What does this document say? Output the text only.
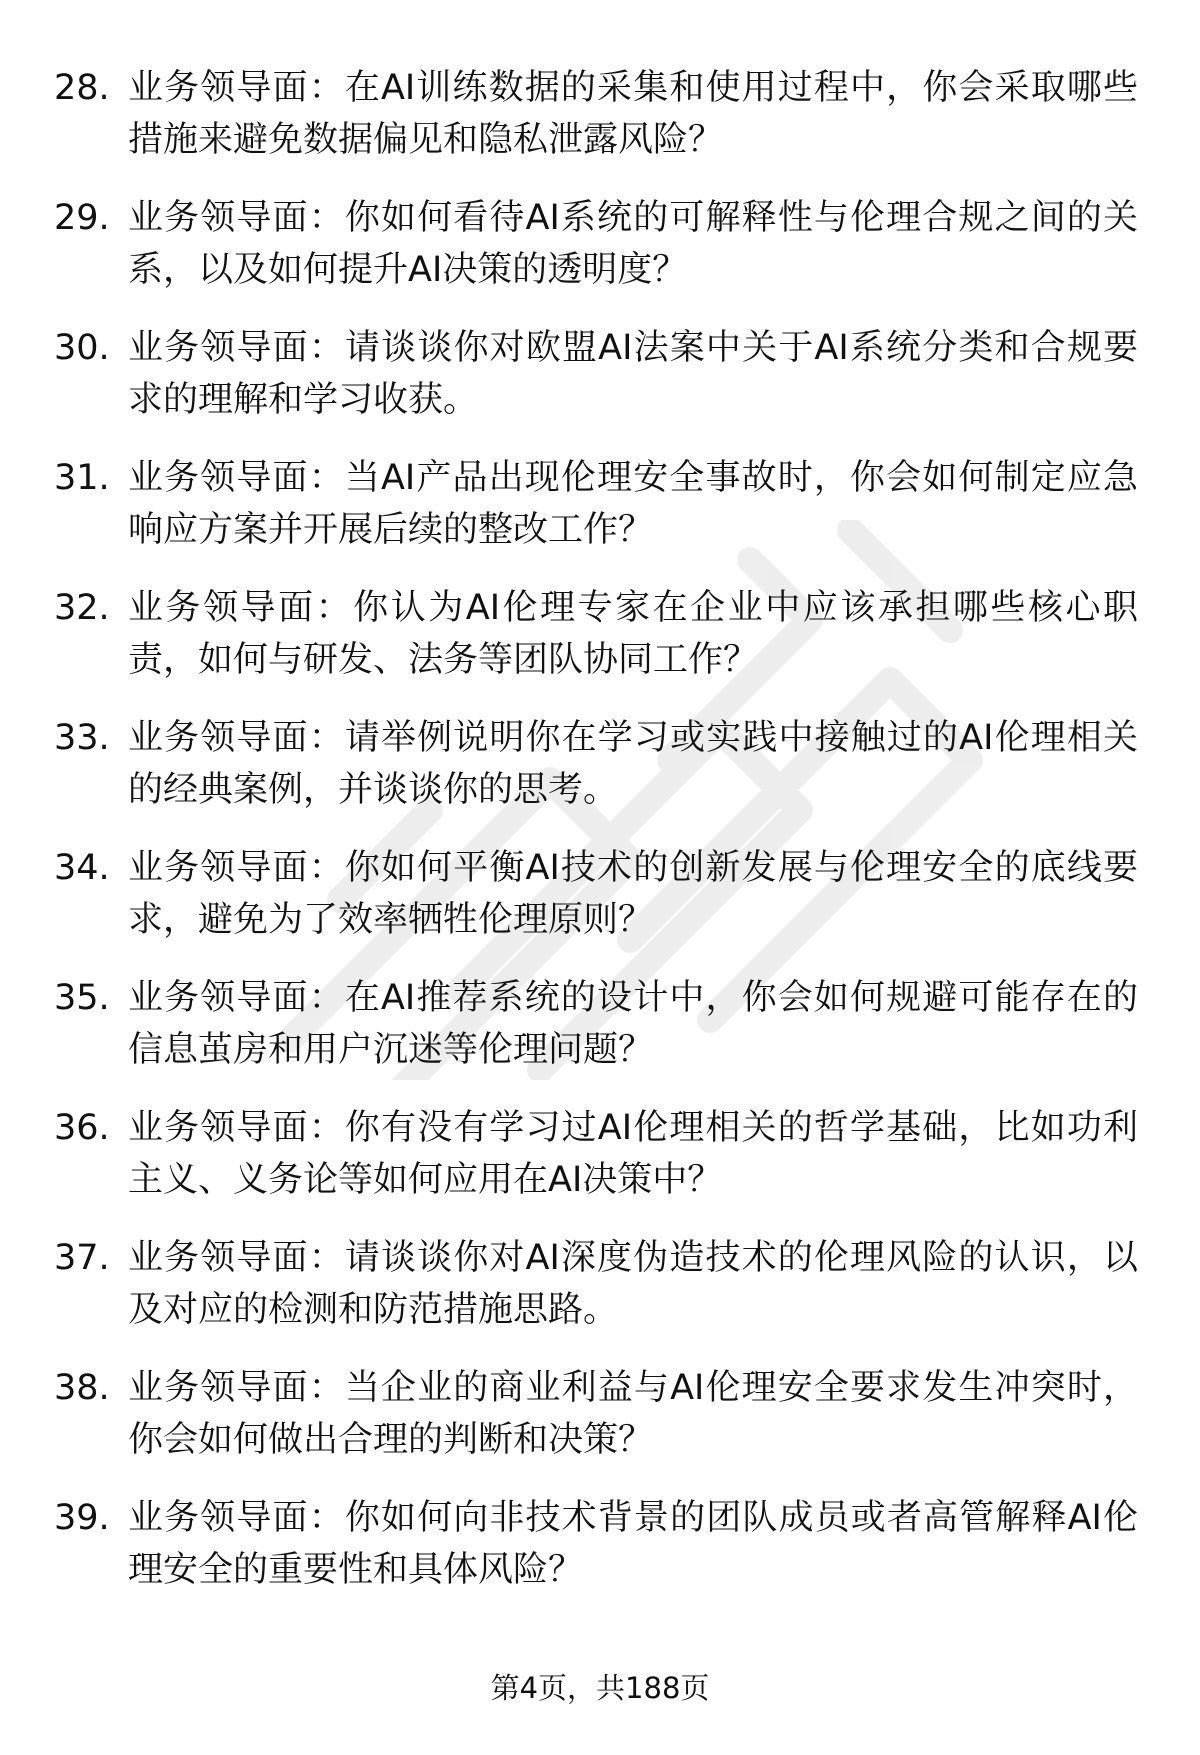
28. 业务领导面：在AI训练数据的采集和使用过程中，你会采取哪些措施来避免数据偏见和隐私泄露风险？
29. 业务领导面：你如何看待AI系统的可解释性与伦理合规之间的关系，以及如何提升AI决策的透明度？
30. 业务领导面：请谈谈你对欧盟AI法案中关于AI系统分类和合规要求的理解和学习收获。
31. 业务领导面：当AI产品出现伦理安全事故时，你会如何制定应急响应方案并开展后续的整改工作？
32. 业务领导面：你认为AI伦理专家在企业中应该承担哪些核心职责，如何与研发、法务等团队协同工作？
33. 业务领导面：请举例说明你在学习或实践中接触过的AI伦理相关的经典案例，并谈谈你的思考。
34. 业务领导面：你如何平衡AI技术的创新发展与伦理安全的底线要求，避免为了效率牺牲伦理原则？
35. 业务领导面：在AI推荐系统的设计中，你会如何规避可能存在的信息茧房和用户沉迷等伦理问题？
36. 业务领导面：你有没有学习过AI伦理相关的哲学基础，比如功利主义、义务论等如何应用在AI决策中？
37. 业务领导面：请谈谈你对AI深度伪造技术的伦理风险的认识，以及对应的检测和防范措施思路。
38. 业务领导面：当企业的商业利益与AI伦理安全要求发生冲突时，你会如何做出合理的判断和决策？
39. 业务领导面：你如何向非技术背景的团队成员或者高管解释AI伦理安全的重要性和具体风险？
第4页，共188页
